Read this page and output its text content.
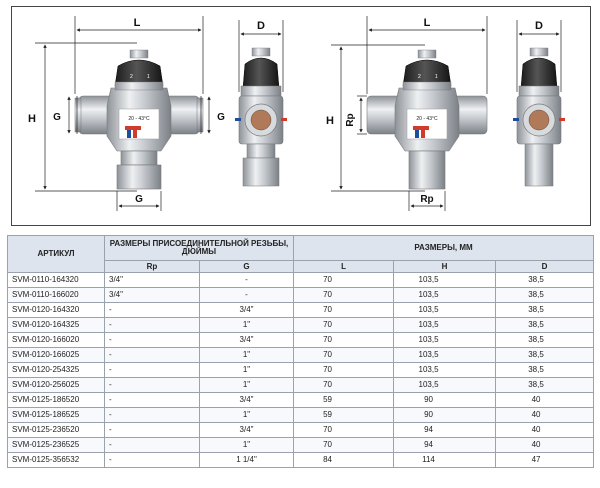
20 - 43°C
2	1
L
H G	G
G
D
20 - 43°C
2	1
L
H Rp
Rp
D
АРТИКУЛ	РАЗМЕРЫ ПРИСОЕДИНИТЕЛЬНОЙ РЕЗЬБЫ, ДЮЙМЫ		РАЗМЕРЫ, ММ		
	Rp	G	L	H	D
SVM-0110-164320	3/4"	-	70	103,5	38,5
SVM-0110-166020	3/4"	-	70	103,5	38,5
SVM-0120-164320	-	3/4"	70	103,5	38,5
SVM-0120-164325	-	1"	70	103,5	38,5
SVM-0120-166020	-	3/4"	70	103,5	38,5
SVM-0120-166025	-	1"	70	103,5	38,5
SVM-0120-254325	-	1"	70	103,5	38,5
SVM-0120-256025	-	1"	70	103,5	38,5
SVM-0125-186520	-	3/4"	59	90	40
SVM-0125-186525	-	1"	59	90	40
SVM-0125-236520	-	3/4"	70	94	40
SVM-0125-236525	-	1"	70	94	40
SVM-0125-356532	-	1 1/4"	84	114	47
